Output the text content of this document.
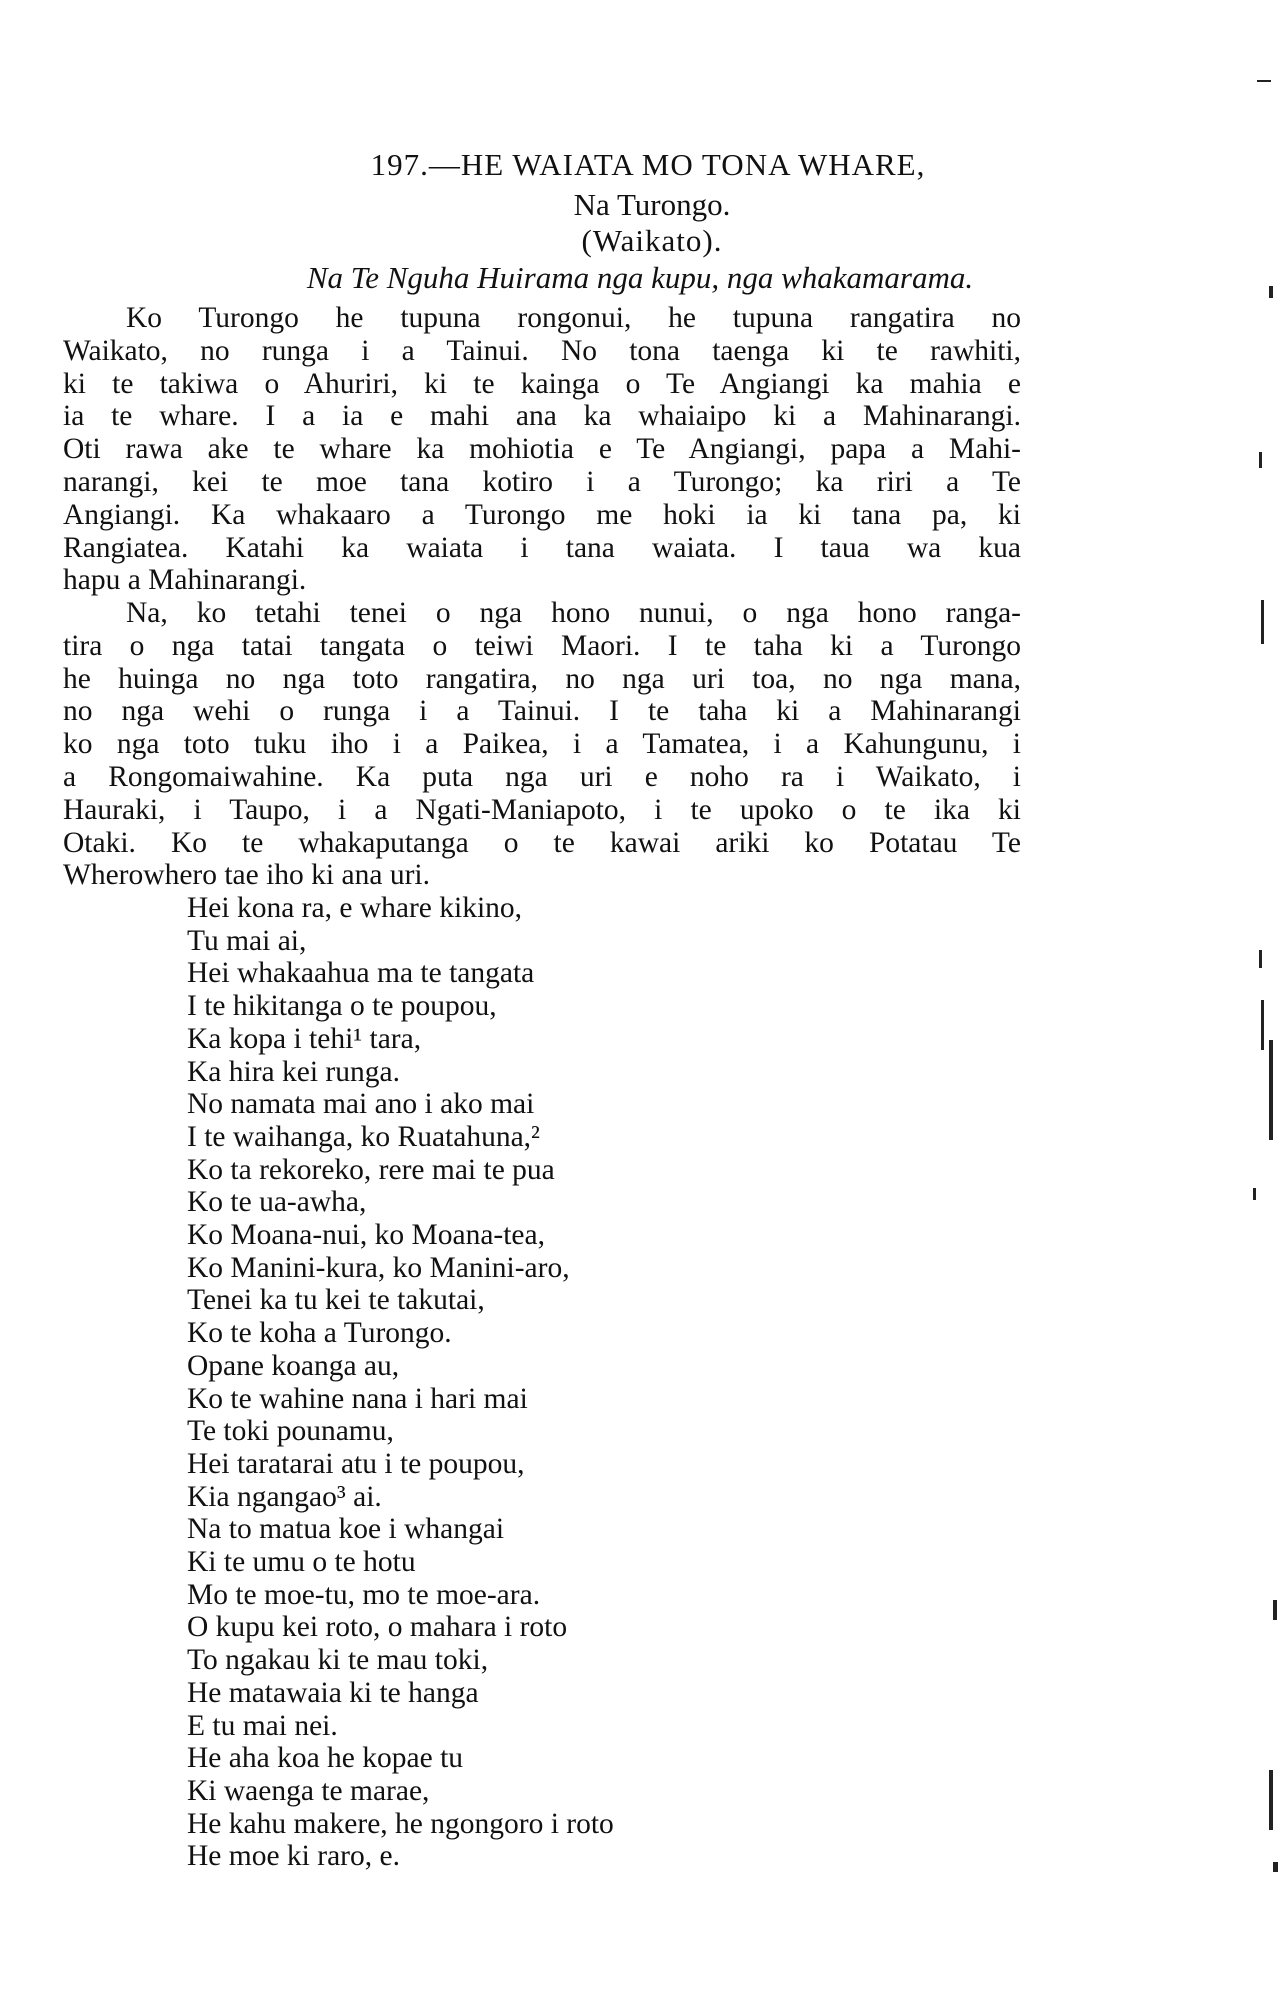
197.—HE WAIATA MO TONA WHARE,
Na Turongo.
(Waikato).
Na Te Nguha Huirama nga kupu, nga whakamarama.

Ko Turongo he tupuna rongonui, he tupuna rangatira no
Waikato, no runga i a Tainui. No tona taenga ki te rawhiti,
ki te takiwa o Ahuriri, ki te kainga o Te Angiangi ka mahia e
ia te whare. I a ia e mahi ana ka whaiaipo ki a Mahinarangi.
Oti rawa ake te whare ka mohiotia e Te Angiangi, papa a Mahi-
narangi, kei te moe tana kotiro i a Turongo; ka riri a Te
Angiangi. Ka whakaaro a Turongo me hoki ia ki tana pa, ki
Rangiatea. Katahi ka waiata i tana waiata. I taua wa kua
hapu a Mahinarangi.

Na, ko tetahi tenei o nga hono nunui, o nga hono ranga-
tira o nga tatai tangata o teiwi Maori. I te taha ki a Turongo
he huinga no nga toto rangatira, no nga uri toa, no nga mana,
no nga wehi o runga i a Tainui. I te taha ki a Mahinarangi
ko nga toto tuku iho i a Paikea, i a Tamatea, i a Kahungunu, i
a Rongomaiwahine. Ka puta nga uri e noho ra i Waikato, i
Hauraki, i Taupo, i a Ngati-Maniapoto, i te upoko o te ika ki
Otaki. Ko te whakaputanga o te kawai ariki ko Potatau Te
Wherowhero tae iho ki ana uri.

Hei kona ra, e whare kikino,
Tu mai ai,
Hei whakaahua ma te tangata
I te hikitanga o te poupou,
Ka kopa i tehi¹ tara,
Ka hira kei runga.
No namata mai ano i ako mai
I te waihanga, ko Ruatahuna,²
Ko ta rekoreko, rere mai te pua
Ko te ua-awha,
Ko Moana-nui, ko Moana-tea,
Ko Manini-kura, ko Manini-aro,
Tenei ka tu kei te takutai,
Ko te koha a Turongo.
Opane koanga au,
Ko te wahine nana i hari mai
Te toki pounamu,
Hei taratarai atu i te poupou,
Kia ngangao³ ai.
Na to matua koe i whangai
Ki te umu o te hotu
Mo te moe-tu, mo te moe-ara.
O kupu kei roto, o mahara i roto
To ngakau ki te mau toki,
He matawaia ki te hanga
E tu mai nei.
He aha koa he kopae tu
Ki waenga te marae,
He kahu makere, he ngongoro i roto
He moe ki raro, e.
